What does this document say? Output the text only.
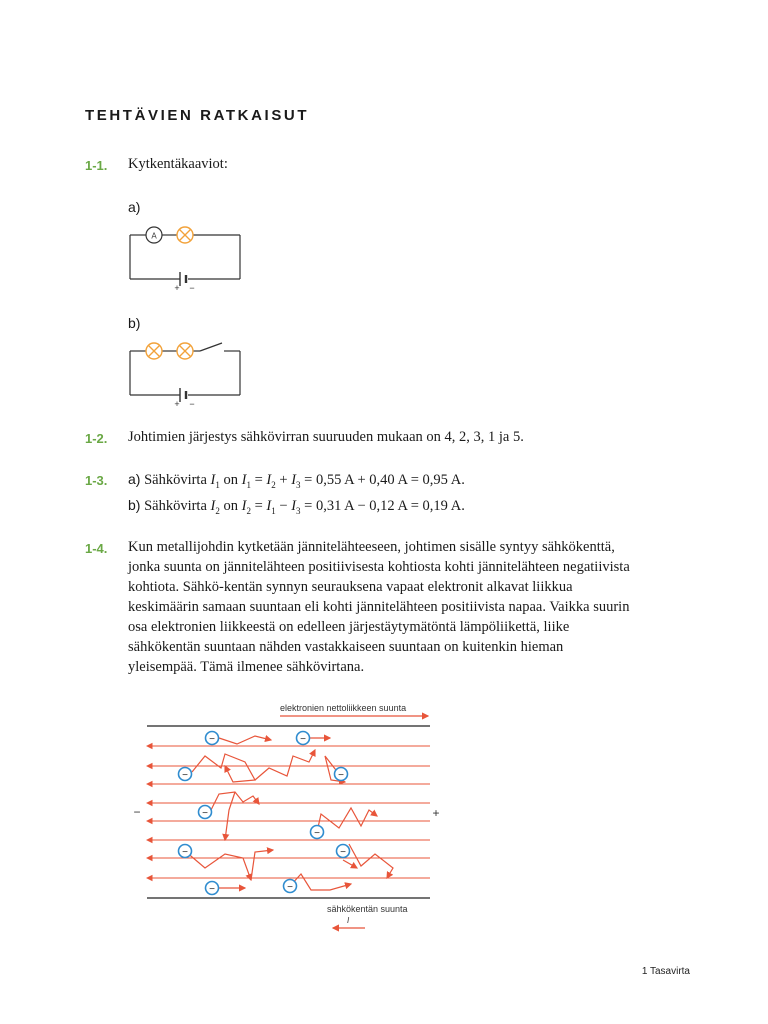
TEHTÄVIEN RATKAISUT
1-1. Kytkentäkaaviot:
a)
A
+ −
b)
+ −
1-2. Johtimien järjestys sähkövirran suuruuden mukaan on 4, 2, 3, 1 ja 5.
1-3. a) Sähkövirta $I_1$ on $I_1 = I_2 + I_3 = 0,55$ A + 0,40 A = 0,95 A.
b) Sähkövirta $I_2$ on $I_2 = I_1 - I_3 = 0,31$ A − 0,12 A = 0,19 A.
1-4. Kun metallijohdin kytketään jännitelähteeseen, johtimen sisälle syntyy sähkökenttä,
jonka suunta on jännitelähteen positiivisesta kohtiosta kohti jännitelähteen negatiivista
kohtiota. Sähkö-kentän synnyn seurauksena vapaat elektronit alkavat liikkua
keskimäärin samaan suuntaan eli kohti jännitelähteen positiivista napaa. Vaikka suurin
osa elektronien liikkeestä on edelleen järjestäytymätöntä lämpöliikettä, liike
sähkökentän suuntaan nähden vastakkaiseen suuntaan on kuitenkin hieman
yleisempää. Tämä ilmenee sähkövirtana.
elektronien nettoliikkeen suunta
−	+
−	−
−	−
−
−
−	−
−	−
sähkökentän suunta
I
1 Tasavirta
